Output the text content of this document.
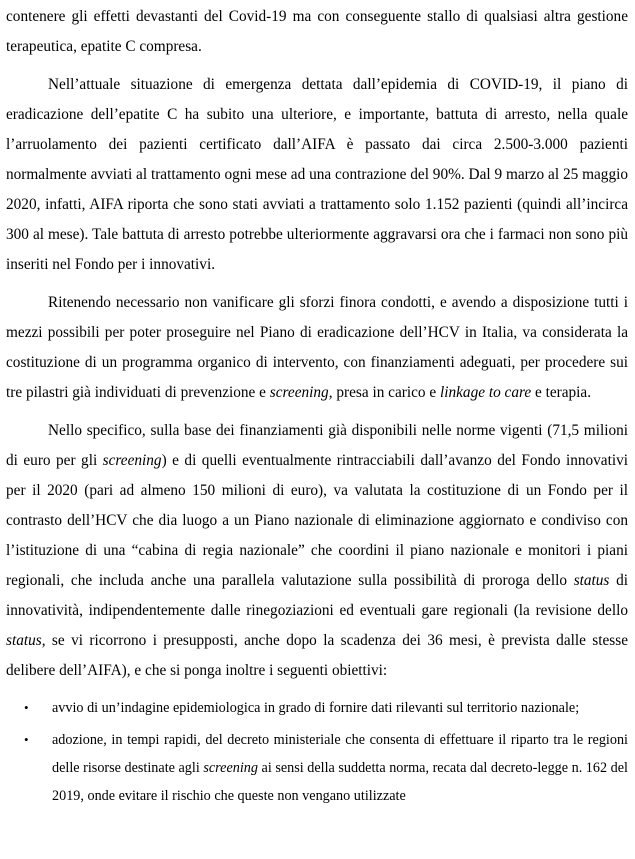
contenere gli effetti devastanti del Covid-19 ma con conseguente stallo di qualsiasi altra gestione terapeutica, epatite C compresa.

Nell’attuale situazione di emergenza dettata dall’epidemia di COVID-19, il piano di eradicazione dell’epatite C ha subito una ulteriore, e importante, battuta di arresto, nella quale l’arruolamento dei pazienti certificato dall’AIFA è passato dai circa 2.500-3.000 pazienti normalmente avviati al trattamento ogni mese ad una contrazione del 90%. Dal 9 marzo al 25 maggio 2020, infatti, AIFA riporta che sono stati avviati a trattamento solo 1.152 pazienti (quindi all’incirca 300 al mese). Tale battuta di arresto potrebbe ulteriormente aggravarsi ora che i farmaci non sono più inseriti nel Fondo per i innovativi.

Ritenendo necessario non vanificare gli sforzi finora condotti, e avendo a disposizione tutti i mezzi possibili per poter proseguire nel Piano di eradicazione dell’HCV in Italia, va considerata la costituzione di un programma organico di intervento, con finanziamenti adeguati, per procedere sui tre pilastri già individuati di prevenzione e screening, presa in carico e linkage to care e terapia.

Nello specifico, sulla base dei finanziamenti già disponibili nelle norme vigenti (71,5 milioni di euro per gli screening) e di quelli eventualmente rintracciabili dall’avanzo del Fondo innovativi per il 2020 (pari ad almeno 150 milioni di euro), va valutata la costituzione di un Fondo per il contrasto dell’HCV che dia luogo a un Piano nazionale di eliminazione aggiornato e condiviso con l’istituzione di una “cabina di regia nazionale” che coordini il piano nazionale e monitori i piani regionali, che includa anche una parallela valutazione sulla possibilità di proroga dello status di innovatività, indipendentemente dalle rinegoziazioni ed eventuali gare regionali (la revisione dello status, se vi ricorrono i presupposti, anche dopo la scadenza dei 36 mesi, è prevista dalle stesse delibere dell’AIFA), e che si ponga inoltre i seguenti obiettivi:

• avvio di un’indagine epidemiologica in grado di fornire dati rilevanti sul territorio nazionale;
• adozione, in tempi rapidi, del decreto ministeriale che consenta di effettuare il riparto tra le regioni delle risorse destinate agli screening ai sensi della suddetta norma, recata dal decreto-legge n. 162 del 2019, onde evitare il rischio che queste non vengano utilizzate
